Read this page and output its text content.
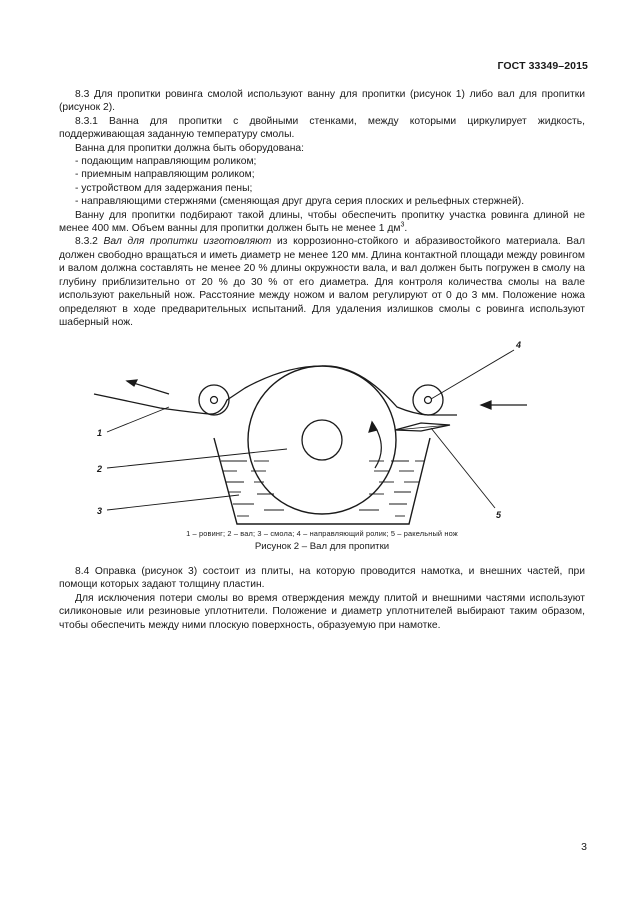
ГОСТ 33349–2015

8.3 Для пропитки ровинга смолой используют ванну для пропитки (рисунок 1) либо вал для пропитки (рисунок 2).

8.3.1 Ванна для пропитки с двойными стенками, между которыми циркулирует жидкость, поддерживающая заданную температуру смолы.

Ванна для пропитки должна быть оборудована:

- подающим направляющим роликом;

- приемным направляющим роликом;

- устройством для задержания пены;

- направляющими стержнями (сменяющая друг друга серия плоских и рельефных стержней).

Ванну для пропитки подбирают такой длины, чтобы обеспечить пропитку участка ровинга длиной не менее 400 мм. Объем ванны для пропитки должен быть не менее 1 $дм^3$.

8.3.2 Вал для пропитки изготовляют из коррозионно-стойкого и абразивостойкого материала. Вал должен свободно вращаться и иметь диаметр не менее 120 мм. Длина контактной площади между ровингом и валом должна составлять не менее 20 % длины окружности вала, и вал должен быть погружен в смолу на глубину приблизительно от 20 % до 30 % от его диаметра. Для контроля количества смолы на вале используют ракельный нож. Расстояние между ножом и валом регулируют от 0 до 3 мм. Положение ножа определяют в ходе предварительных испытаний. Для удаления излишков смолы с ровинга используют шаберный нож.

1
2
3
4
5
1 – ровинг; 2 – вал; 3 – смола; 4 – направляющий ролик; 5 – ракельный нож
Рисунок 2 – Вал для пропитки

8.4 Оправка (рисунок 3) состоит из плиты, на которую проводится намотка, и внешних частей, при помощи которых задают толщину пластин.

Для исключения потери смолы во время отверждения между плитой и внешними частями используют силиконовые или резиновые уплотнители. Положение и диаметр уплотнителей выбирают таким образом, чтобы обеспечить между ними плоскую поверхность, образуемую при намотке.

3
